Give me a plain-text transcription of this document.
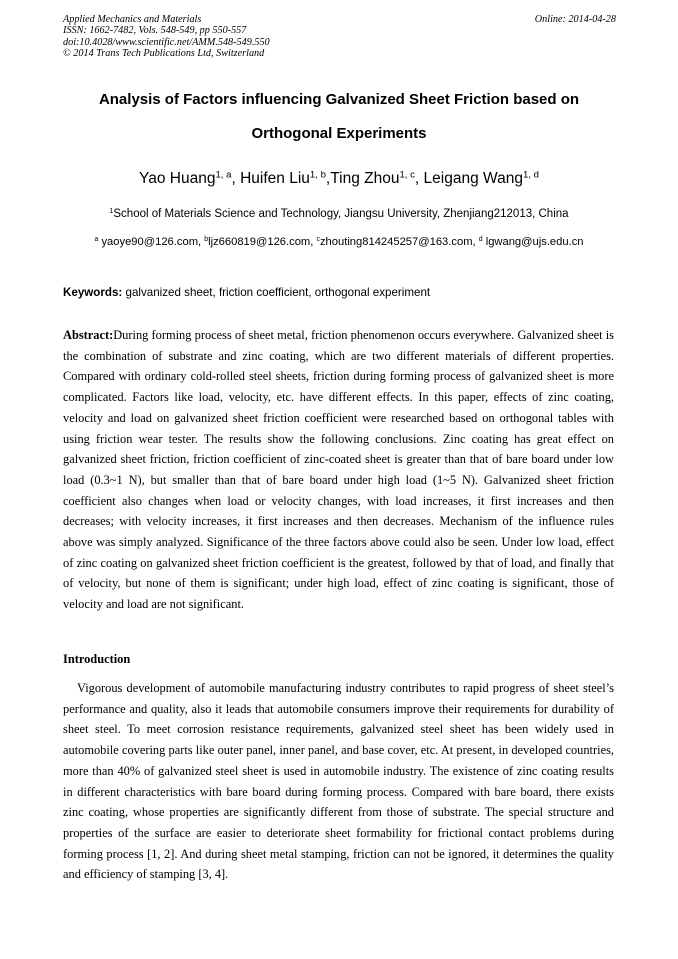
Applied Mechanics and Materials
ISSN: 1662-7482, Vols. 548-549, pp 550-557
doi:10.4028/www.scientific.net/AMM.548-549.550
© 2014 Trans Tech Publications Ltd, Switzerland
Online: 2014-04-28
Analysis of Factors influencing Galvanized Sheet Friction based on
Orthogonal Experiments
Yao Huang$^{1, a}$, Huifen Liu$^{1, b}$,Ting Zhou$^{1, c}$, Leigang Wang$^{1, d}$
$^1$School of Materials Science and Technology, Jiangsu University, Zhenjiang212013, China
$^a$ yaoye90@126.com, $^b$ljz660819@126.com, $^c$zhouting814245257@163.com, $^d$ lgwang@ujs.edu.cn
Keywords: galvanized sheet, friction coefficient, orthogonal experiment

Abstract:During forming process of sheet metal, friction phenomenon occurs everywhere. Galvanized sheet is the combination of substrate and zinc coating, which are two different materials of different properties. Compared with ordinary cold-rolled steel sheets, friction during forming process of galvanized sheet is more complicated. Factors like load, velocity, etc. have different effects. In this paper, effects of zinc coating, velocity and load on galvanized sheet friction coefficient were researched based on orthogonal tables with using friction wear tester. The results show the following conclusions. Zinc coating has great effect on galvanized sheet friction, friction coefficient of zinc-coated sheet is greater than that of bare board under low load (0.3~1 N), but smaller than that of bare board under high load (1~5 N). Galvanized sheet friction coefficient also changes when load or velocity changes, with load increases, it first increases and then decreases; with velocity increases, it first increases and then decreases. Mechanism of the influence rules above was simply analyzed. Significance of the three factors above could also be seen. Under low load, effect of zinc coating on galvanized sheet friction coefficient is the greatest, followed by that of load, and finally that of velocity, but none of them is significant; under high load, effect of zinc coating is significant, those of velocity and load are not significant.

Introduction

Vigorous development of automobile manufacturing industry contributes to rapid progress of sheet steel’s performance and quality, also it leads that automobile consumers improve their requirements for durability of sheet steel. To meet corrosion resistance requirements, galvanized steel sheet has been widely used in automobile covering parts like outer panel, inner panel, and base cover, etc. At present, in developed countries, more than 40% of galvanized steel sheet is used in automobile industry. The existence of zinc coating results in different characteristics with bare board during forming process. Compared with bare board, there exists zinc coating, whose properties are significantly different from those of substrate. The special structure and properties of the surface are easier to deteriorate sheet formability for frictional contact problems during forming process [1, 2]. And during sheet metal stamping, friction can not be ignored, it determines the quality and efficiency of stamping [3, 4].
